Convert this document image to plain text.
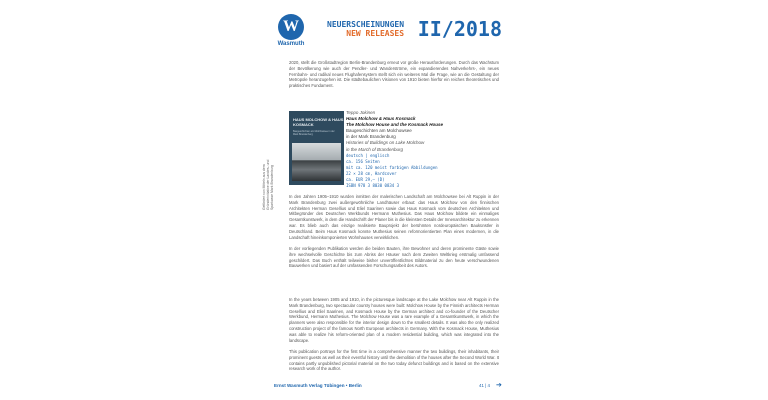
W
Wasmuth
NEUERSCHEINUNGEN
NEW RELEASES II/2018

2020, stellt die Großstadtregion Berlin-Brandenburg erneut vor große Herausforderungen. Durch das Wachstum der Bevölkerung wie auch der Pendler- und Wanderströme, ein expandierendes Nahverkehrs-, ein neues Fernbahn- und radikal neues Flughafensystem stellt sich ein weiteres Mal die Frage, wie an die Gestaltung der Metropole heranzugehen ist. Die städtebaulichen Visionen von 1910 bieten hierfür ein reiches theoretisches und praktisches Fundament.

Gefördert von Mitteln aus dem Gründerinitiative der Landes- und Sparkasse Mark Brandenburg
HAUS MOLCHOW & HAUS KOSMACK
Baugeschichten am Molchowsee in der Mark Brandenburg
Teppo Jokinen
Haus Molchow & Haus Kosmack
The Molchow House and the Kosmack House
Baugeschichten am Molchowsee
in der Mark Brandenburg
Histories of Buildings on Lake Molchow
in the March of Brandenburg
deutsch | englisch
ca. 156 Seiten
mit ca. 120 meist farbigen Abbildungen
22 × 28 cm, Hardcover
ca. EUR 29,– (D)
ISBN 978 3 8030 0834 3

In den Jahren 1905–1910 wurden inmitten der malerischen Landschaft am Molchowsee bei Alt Ruppin in der Mark Brandenburg zwei außergewöhnliche Landhäuser erbaut: das Haus Molchow von den finnischen Architekten Herman Gesellius und Eliel Saarinen sowie das Haus Kosmack vom deutschen Architekten und Mitbegründer des Deutschen Werkbunds Hermann Muthesius. Das Haus Molchow bildete ein einmaliges Gesamtkunstwerk, in dem die Handschrift der Planer bis in die kleinsten Details der Innenarchitektur zu erkennen war. Es blieb auch das einzige realisierte Bauprojekt der berühmten nordeuropäischen Baukünstler in Deutschland. Beim Haus Kosmack konnte Muthesius seinen reformorientierten Plan eines modernen, in die Landschaft hineinkomponierten Wohnhauses verwirklichen.

In der vorliegenden Publikation werden die beiden Bauten, ihre Bewohner und deren prominente Gäste sowie ihre wechselvolle Geschichte bis zum Abriss der Häuser nach dem Zweiten Weltkrieg erstmalig umfassend geschildert. Das Buch enthält teilweise bisher unveröffentlichtes Bildmaterial zu den heute verschwundenen Bauwerken und basiert auf der umfassenden Forschungsarbeit des Autors.

In the years between 1905 and 1910, in the picturesque landscape at the Lake Molchow near Alt Ruppin in the Mark Brandenburg, two spectacular country houses were built: Molchow House by the Finnish architects Herman Gesellius and Eliel Saarinen, and Kosmack House by the German architect and co-founder of the Deutscher Werkbund, Hermann Muthesius. The Molchow House was a rare example of a Gesamtkunstwerk, in which the planners were also responsible for the interior design down to the smallest details. It was also the only realized construction project of the famous North European architects in Germany. With the Kosmack House, Muthesius was able to realize his reform-oriented plan of a modern residential building, which was integrated into the landscape.

This publication portrays for the first time in a comprehensive manner the two buildings, their inhabitants, their prominent guests as well as their eventful history until the demolition of the houses after the Second World War. It contains partly unpublished pictorial material on the two today defunct buildings and is based on the extensive research work of the author.

Ernst Wasmuth Verlag Tübingen • Berlin	41 | 4 ➔
